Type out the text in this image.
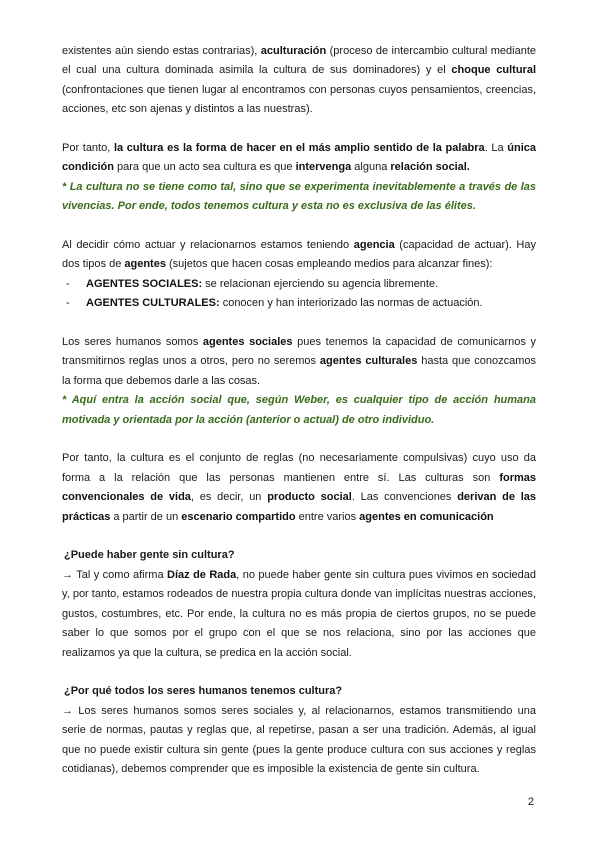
existentes aún siendo estas contrarias), aculturación (proceso de intercambio cultural mediante el cual una cultura dominada asimila la cultura de sus dominadores) y el choque cultural (confrontaciones que tienen lugar al encontramos con personas cuyos pensamientos, creencias, acciones, etc son ajenas y distintos a las nuestras).

Por tanto, la cultura es la forma de hacer en el más amplio sentido de la palabra. La única condición para que un acto sea cultura es que intervenga alguna relación social.

* La cultura no se tiene como tal, sino que se experimenta inevitablemente a través de las vivencias. Por ende, todos tenemos cultura y esta no es exclusiva de las élites.

Al decidir cómo actuar y relacionarnos estamos teniendo agencia (capacidad de actuar). Hay dos tipos de agentes (sujetos que hacen cosas empleando medios para alcanzar fines):

- AGENTES SOCIALES: se relacionan ejerciendo su agencia libremente.
- AGENTES CULTURALES: conocen y han interiorizado las normas de actuación.

Los seres humanos somos agentes sociales pues tenemos la capacidad de comunicarnos y transmitirnos reglas unos a otros, pero no seremos agentes culturales hasta que conozcamos la forma que debemos darle a las cosas.

* Aquí entra la acción social que, según Weber, es cualquier tipo de acción humana motivada y orientada por la acción (anterior o actual) de otro individuo.

Por tanto, la cultura es el conjunto de reglas (no necesariamente compulsivas) cuyo uso da forma a la relación que las personas mantienen entre sí. Las culturas son formas convencionales de vida, es decir, un producto social. Las convenciones derivan de las prácticas a partir de un escenario compartido entre varios agentes en comunicación

¿Puede haber gente sin cultura?

→ Tal y como afirma Díaz de Rada, no puede haber gente sin cultura pues vivimos en sociedad y, por tanto, estamos rodeados de nuestra propia cultura donde van implícitas nuestras acciones, gustos, costumbres, etc. Por ende, la cultura no es más propia de ciertos grupos, no se puede saber lo que somos por el grupo con el que se nos relaciona, sino por las acciones que realizamos ya que la cultura, se predica en la acción social.

¿Por qué todos los seres humanos tenemos cultura?

→ Los seres humanos somos seres sociales y, al relacionarnos, estamos transmitiendo una serie de normas, pautas y reglas que, al repetirse, pasan a ser una tradición. Además, al igual que no puede existir cultura sin gente (pues la gente produce cultura con sus acciones y reglas cotidianas), debemos comprender que es imposible la existencia de gente sin cultura.

2
